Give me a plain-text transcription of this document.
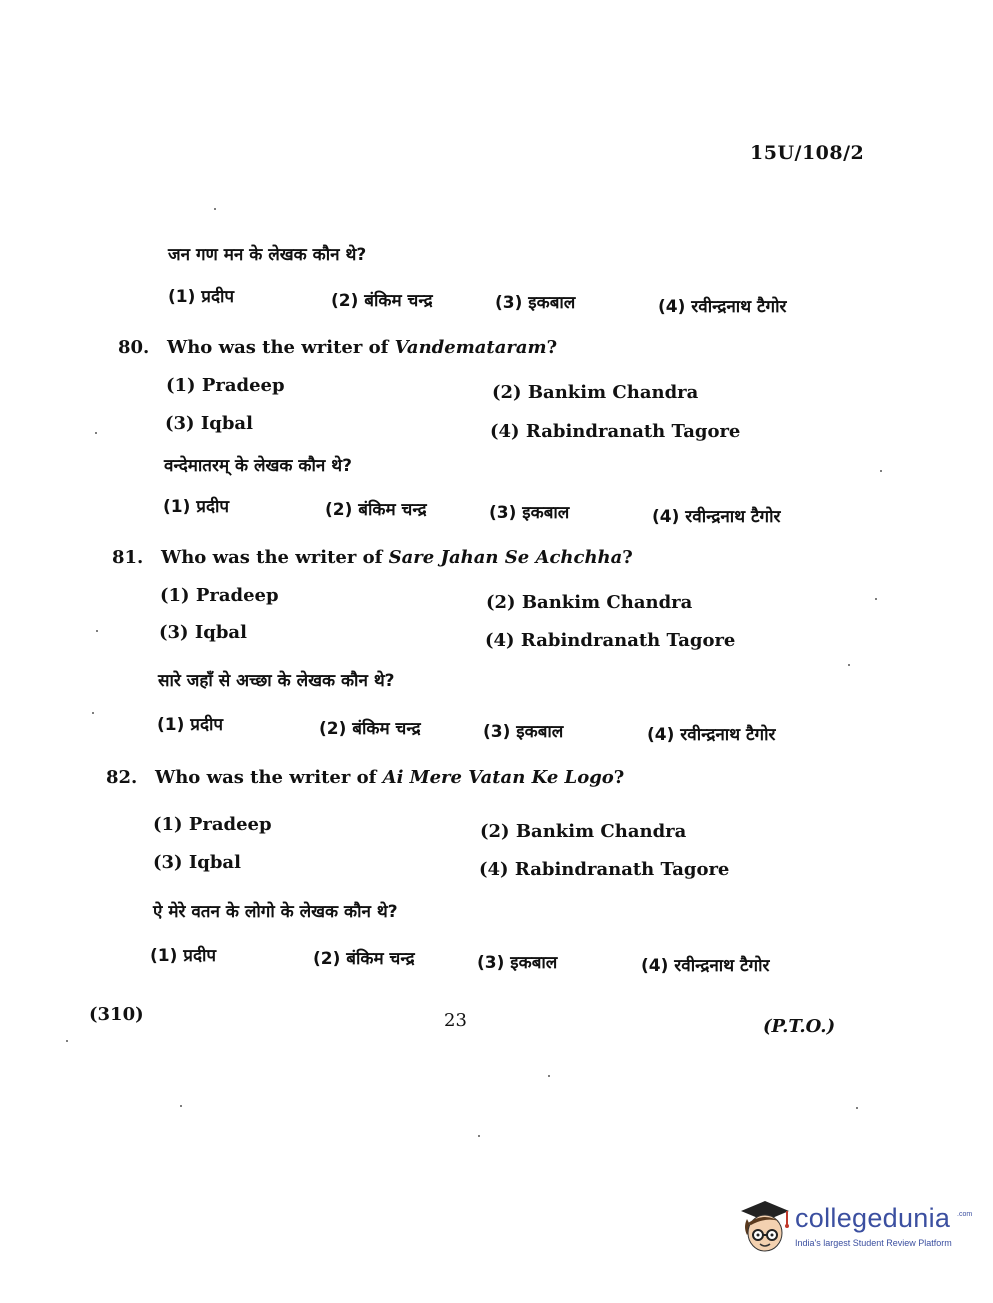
15U/108/2
जन गण मन के लेखक कौन थे?
(1) प्रदीप	(2) बंकिम चन्द्र	(3) इकबाल	(4) रवीन्द्रनाथ टैगोर
80. Who was the writer of Vandemataram?
(1) Pradeep	(2) Bankim Chandra
(3) Iqbal	(4) Rabindranath Tagore
वन्देमातरम् के लेखक कौन थे?
(1) प्रदीप	(2) बंकिम चन्द्र	(3) इकबाल	(4) रवीन्द्रनाथ टैगोर
81. Who was the writer of Sare Jahan Se Achchha?
(1) Pradeep	(2) Bankim Chandra
(3) Iqbal	(4) Rabindranath Tagore
सारे जहाँ से अच्छा के लेखक कौन थे?
(1) प्रदीप	(2) बंकिम चन्द्र	(3) इकबाल	(4) रवीन्द्रनाथ टैगोर
82. Who was the writer of Ai Mere Vatan Ke Logo?
(1) Pradeep	(2) Bankim Chandra
(3) Iqbal	(4) Rabindranath Tagore
ऐ मेरे वतन के लोगो के लेखक कौन थे?
(1) प्रदीप	(2) बंकिम चन्द्र	(3) इकबाल	(4) रवीन्द्रनाथ टैगोर
(310)	23	(P.T.O.)
collegedunia .com
India's largest Student Review Platform
